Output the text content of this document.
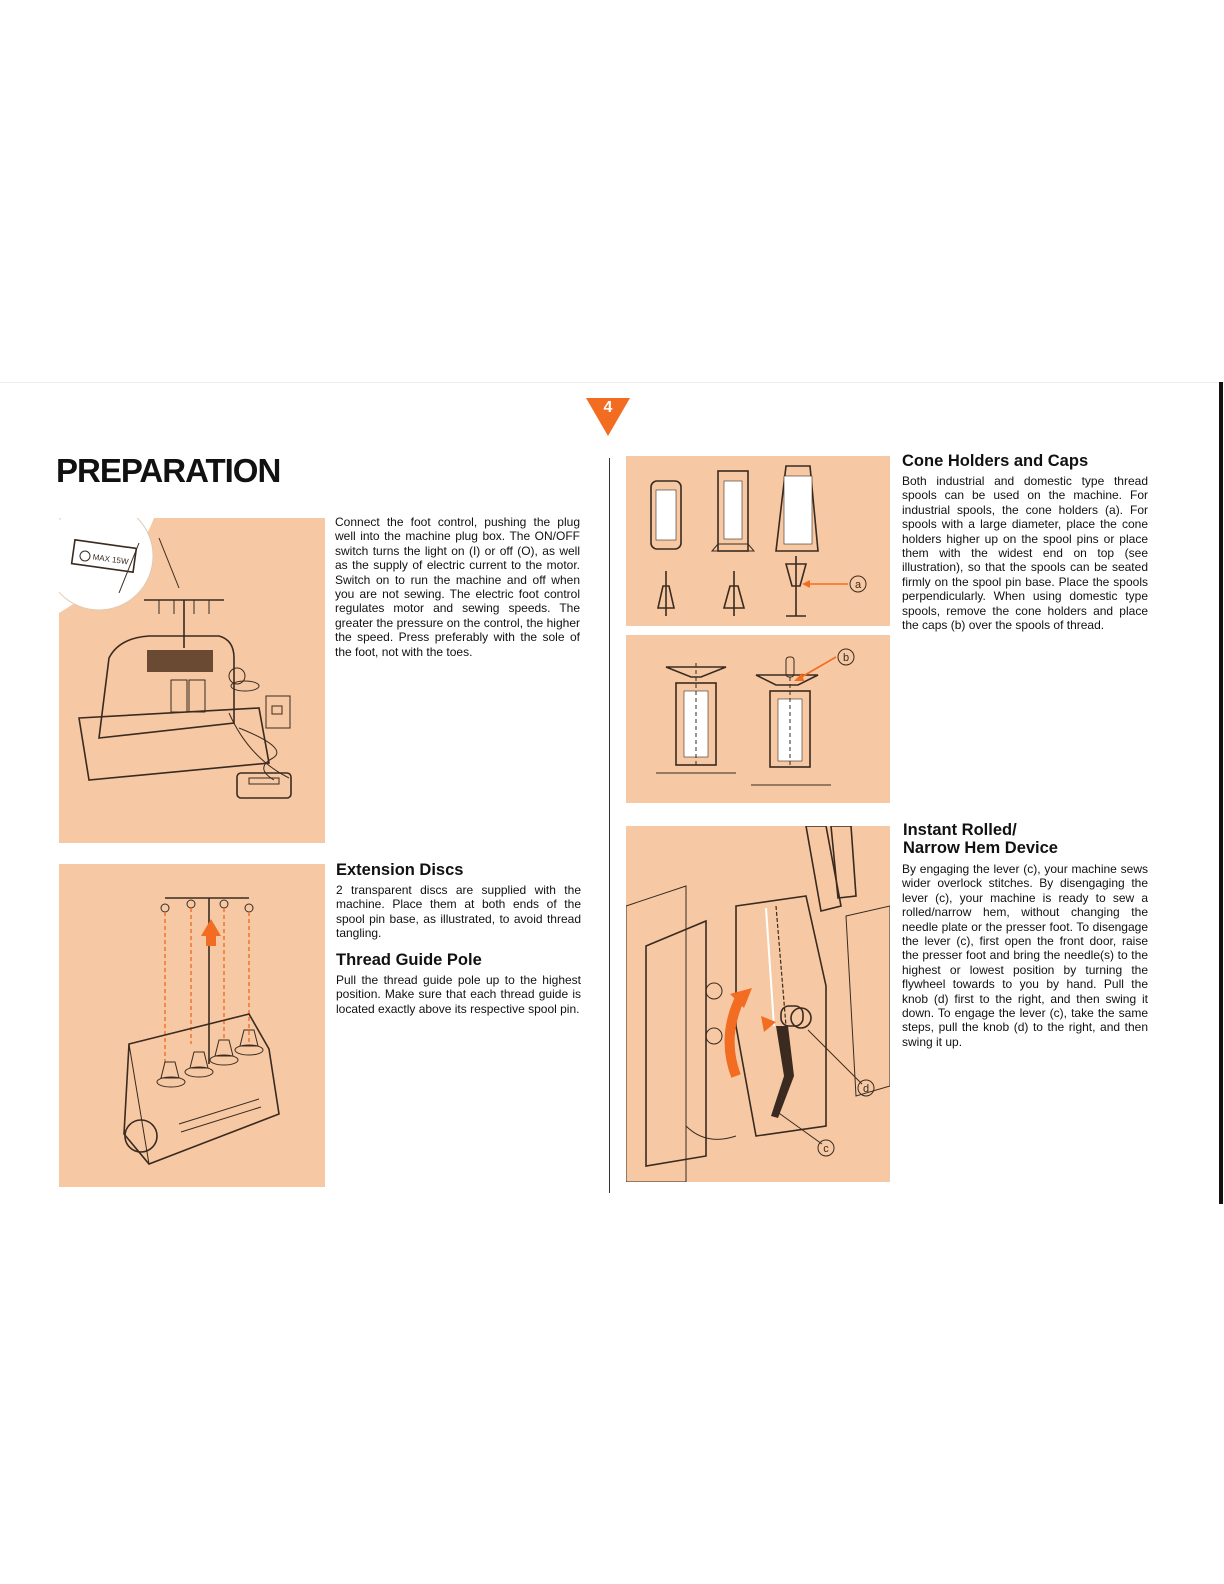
4
PREPARATION
MAX 15W

Connect the foot control, pushing the plug well into the machine plug box. The ON/OFF switch turns the light on (I) or off (O), as well as the supply of electric current to the motor. Switch on to run the machine and off when you are not sewing. The electric foot control regulates motor and sewing speeds. The greater the pressure on the control, the higher the speed. Press preferably with the sole of the foot, not with the toes.

Extension Discs

2 transparent discs are supplied with the machine. Place them at both ends of the spool pin base, as illustrated, to avoid thread tangling.

Thread Guide Pole

Pull the thread guide pole up to the highest position. Make sure that each thread guide is located exactly above its respective spool pin.

a
b
Cone Holders and Caps

Both industrial and domestic type thread spools can be used on the machine. For industrial spools, the cone holders (a). For spools with a large diameter, place the cone holders higher up on the spool pins or place them with the widest end on top (see illustration), so that the spools can be seated firmly on the spool pin base. Place the spools perpendicularly. When using domestic type spools, remove the cone holders and place the caps (b) over the spools of thread.

d
c
Instant Rolled/
Narrow Hem Device

By engaging the lever (c), your machine sews wider overlock stitches. By disengaging the lever (c), your machine is ready to sew a rolled/narrow hem, without changing the needle plate or the presser foot. To disengage the lever (c), first open the front door, raise the presser foot and bring the needle(s) to the highest or lowest position by turning the flywheel towards to you by hand. Pull the knob (d) first to the right, and then swing it down. To engage the lever (c), take the same steps, pull the knob (d) to the right, and then swing it up.
